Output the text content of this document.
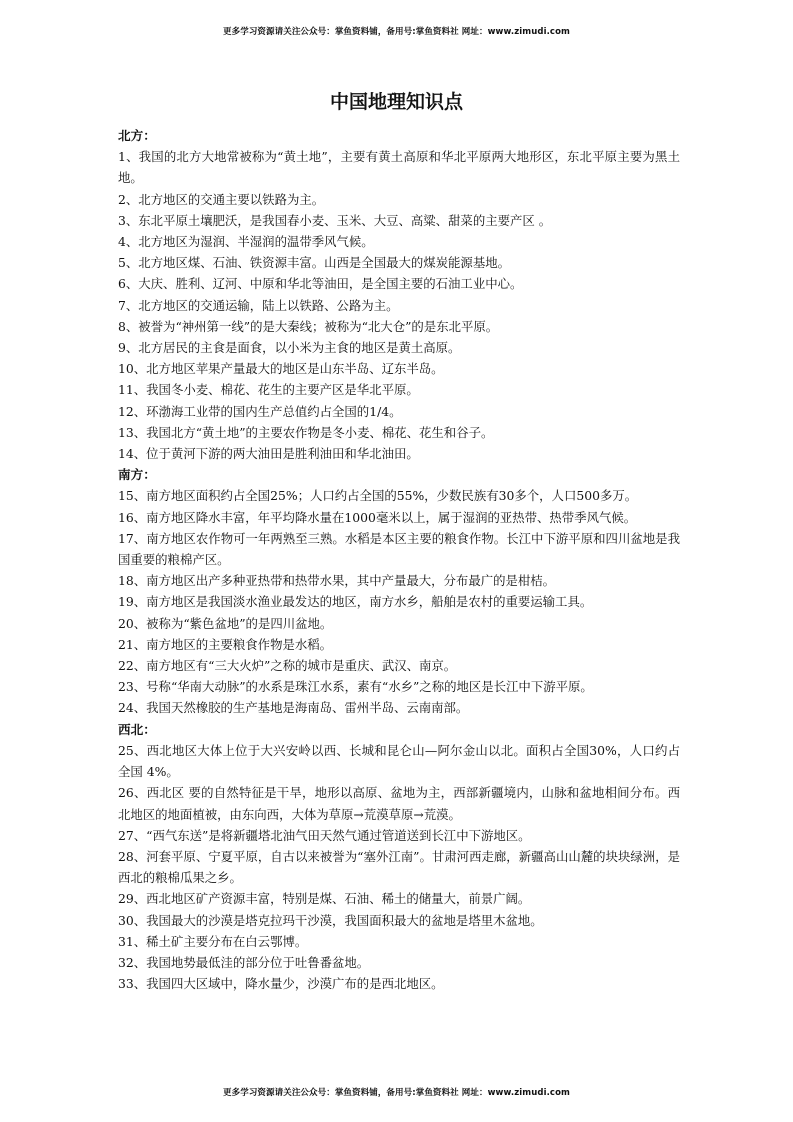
更多学习资源请关注公众号：掌鱼资料铺，备用号:掌鱼资料社 网址：www.zimudi.com
中国地理知识点

北方：

1、我国的北方大地常被称为“黄土地”，主要有黄土高原和华北平原两大地形区，东北平原主要为黑土地。

2、北方地区的交通主要以铁路为主。

3、东北平原土壤肥沃，是我国春小麦、玉米、大豆、高粱、甜菜的主要产区 。

4、北方地区为湿润、半湿润的温带季风气候。

5、北方地区煤、石油、铁资源丰富。山西是全国最大的煤炭能源基地。

6、大庆、胜利、辽河、中原和华北等油田，是全国主要的石油工业中心。

7、北方地区的交通运输，陆上以铁路、公路为主。

8、被誉为“神州第一线”的是大秦线；被称为“北大仓”的是东北平原。

9、北方居民的主食是面食，以小米为主食的地区是黄土高原。

10、北方地区苹果产量最大的地区是山东半岛、辽东半岛。

11、我国冬小麦、棉花、花生的主要产区是华北平原。

12、环渤海工业带的国内生产总值约占全国的1/4。

13、我国北方“黄土地”的主要农作物是冬小麦、棉花、花生和谷子。

14、位于黄河下游的两大油田是胜利油田和华北油田。

南方：

15、南方地区面积约占全国25%；人口约占全国的55%，少数民族有30多个，人口500多万。

16、南方地区降水丰富，年平均降水量在1000毫米以上，属于湿润的亚热带、热带季风气候。

17、南方地区农作物可一年两熟至三熟。水稻是本区主要的粮食作物。长江中下游平原和四川盆地是我国重要的粮棉产区。

18、南方地区出产多种亚热带和热带水果，其中产量最大，分布最广的是柑桔。

19、南方地区是我国淡水渔业最发达的地区，南方水乡，船舶是农村的重要运输工具。

20、被称为“紫色盆地”的是四川盆地。

21、南方地区的主要粮食作物是水稻。

22、南方地区有“三大火炉”之称的城市是重庆、武汉、南京。

23、号称“华南大动脉”的水系是珠江水系，素有“水乡”之称的地区是长江中下游平原。

24、我国天然橡胶的生产基地是海南岛、雷州半岛、云南南部。

西北：

25、西北地区大体上位于大兴安岭以西、长城和昆仑山—阿尔金山以北。面积占全国30%，人口约占全国 4%。

26、西北区 要的自然特征是干旱，地形以高原、盆地为主，西部新疆境内，山脉和盆地相间分布。西北地区的地面植被，由东向西，大体为草原→荒漠草原→荒漠。

27、“西气东送”是将新疆塔北油气田天然气通过管道送到长江中下游地区。

28、河套平原、宁夏平原，自古以来被誉为“塞外江南”。甘肃河西走廊，新疆高山山麓的块块绿洲，是西北的粮棉瓜果之乡。

29、西北地区矿产资源丰富，特别是煤、石油、稀土的储量大，前景广阔。

30、我国最大的沙漠是塔克拉玛干沙漠，我国面积最大的盆地是塔里木盆地。

31、稀土矿主要分布在白云鄂博。

32、我国地势最低洼的部分位于吐鲁番盆地。

33、我国四大区域中，降水量少，沙漠广布的是西北地区。

更多学习资源请关注公众号：掌鱼资料铺，备用号:掌鱼资料社 网址：www.zimudi.com
